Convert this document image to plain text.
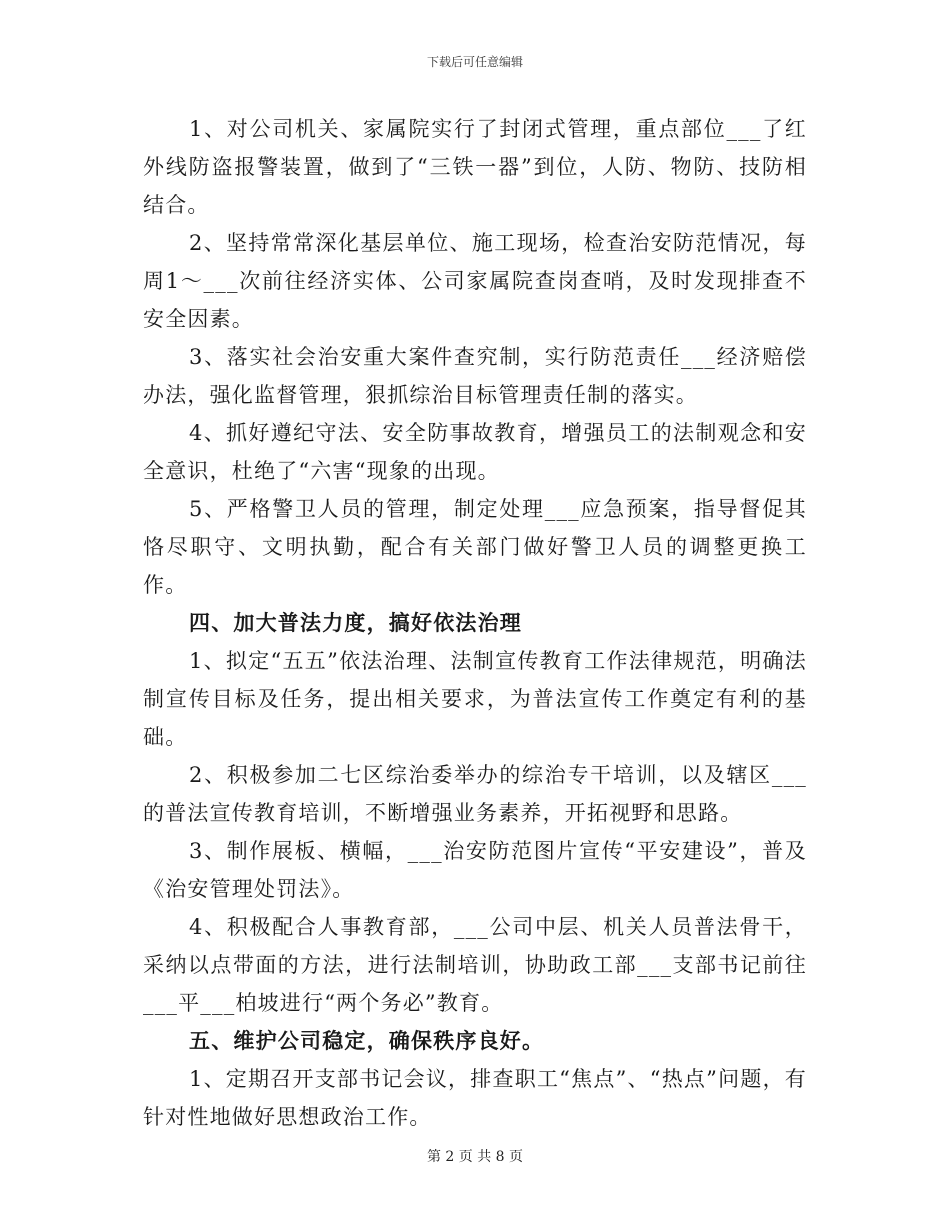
下载后可任意编辑

1、对公司机关、家属院实行了封闭式管理，重点部位___了红外线防盗报警装置，做到了“三铁一器”到位，人防、物防、技防相结合。

2、坚持常常深化基层单位、施工现场，检查治安防范情况，每周1～___次前往经济实体、公司家属院查岗查哨，及时发现排查不安全因素。

3、落实社会治安重大案件查究制，实行防范责任___经济赔偿办法，强化监督管理，狠抓综治目标管理责任制的落实。

4、抓好遵纪守法、安全防事故教育，增强员工的法制观念和安全意识，杜绝了“六害“现象的出现。

5、严格警卫人员的管理，制定处理___应急预案，指导督促其恪尽职守、文明执勤，配合有关部门做好警卫人员的调整更换工作。

四、加大普法力度，搞好依法治理

1、拟定“五五”依法治理、法制宣传教育工作法律规范，明确法制宣传目标及任务，提出相关要求，为普法宣传工作奠定有利的基础。

2、积极参加二七区综治委举办的综治专干培训，以及辖区___的普法宣传教育培训，不断增强业务素养，开拓视野和思路。

3、制作展板、横幅，___治安防范图片宣传“平安建设”，普及《治安管理处罚法》。

4、积极配合人事教育部，___公司中层、机关人员普法骨干，采纳以点带面的方法，进行法制培训，协助政工部___支部书记前往___平___柏坡进行“两个务必”教育。

五、维护公司稳定，确保秩序良好。

1、定期召开支部书记会议，排查职工“焦点”、“热点”问题，有针对性地做好思想政治工作。

第 2 页 共 8 页
